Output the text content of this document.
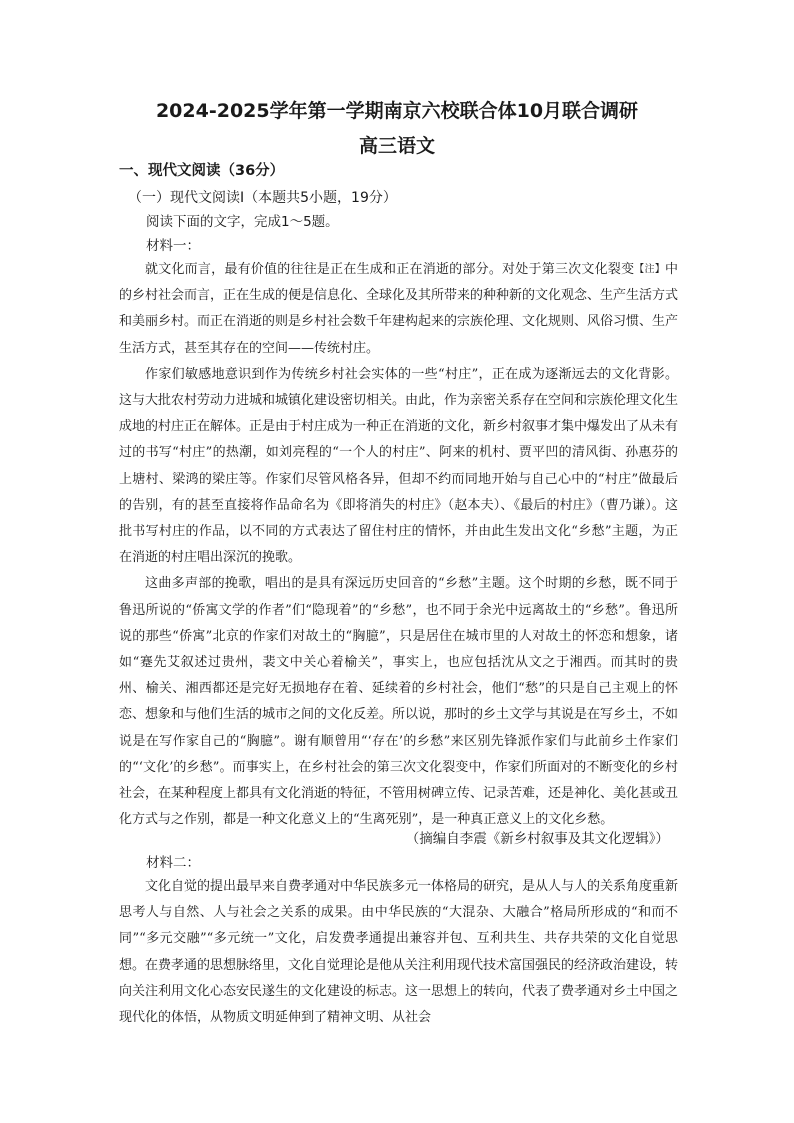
2024-2025学年第一学期南京六校联合体10月联合调研
高三语文
一、现代文阅读（36分）
（一）现代文阅读Ⅰ（本题共5小题，19分）
阅读下面的文字，完成1～5题。
材料一：

就文化而言，最有价值的往往是正在生成和正在消逝的部分。对处于第三次文化裂变【注】中的乡村社会而言，正在生成的便是信息化、全球化及其所带来的种种新的文化观念、生产生活方式和美丽乡村。而正在消逝的则是乡村社会数千年建构起来的宗族伦理、文化规则、风俗习惯、生产生活方式，甚至其存在的空间——传统村庄。

作家们敏感地意识到作为传统乡村社会实体的一些“村庄”，正在成为逐渐远去的文化背影。这与大批农村劳动力进城和城镇化建设密切相关。由此，作为亲密关系存在空间和宗族伦理文化生成地的村庄正在解体。正是由于村庄成为一种正在消逝的文化，新乡村叙事才集中爆发出了从未有过的书写“村庄”的热潮，如刘亮程的“一个人的村庄”、阿来的机村、贾平凹的清风街、孙惠芬的上塘村、梁鸿的梁庄等。作家们尽管风格各异，但却不约而同地开始与自己心中的“村庄”做最后的告别，有的甚至直接将作品命名为《即将消失的村庄》（赵本夫）、《最后的村庄》（曹乃谦）。这批书写村庄的作品，以不同的方式表达了留住村庄的情怀，并由此生发出文化“乡愁”主题，为正在消逝的村庄唱出深沉的挽歌。

这曲多声部的挽歌，唱出的是具有深远历史回音的“乡愁”主题。这个时期的乡愁，既不同于鲁迅所说的“侨寓文学的作者”们“隐现着”的“乡愁”，也不同于余光中远离故土的“乡愁”。鲁迅所说的那些“侨寓”北京的作家们对故土的“胸臆”，只是居住在城市里的人对故土的怀恋和想象，诸如“蹇先艾叙述过贵州，裴文中关心着榆关”，事实上，也应包括沈从文之于湘西。而其时的贵州、榆关、湘西都还是完好无损地存在着、延续着的乡村社会，他们“愁”的只是自己主观上的怀恋、想象和与他们生活的城市之间的文化反差。所以说，那时的乡土文学与其说是在写乡土，不如说是在写作家自己的“胸臆”。谢有顺曾用“‘存在’的乡愁”来区别先锋派作家们与此前乡土作家们的“‘文化’的乡愁”。而事实上，在乡村社会的第三次文化裂变中，作家们所面对的不断变化的乡村社会，在某种程度上都具有文化消逝的特征，不管用树碑立传、记录苦难，还是神化、美化甚或丑化方式与之作别，都是一种文化意义上的“生离死别”，是一种真正意义上的文化乡愁。

（摘编自李震《新乡村叙事及其文化逻辑》）
材料二：

文化自觉的提出最早来自费孝通对中华民族多元一体格局的研究，是从人与人的关系角度重新思考人与自然、人与社会之关系的成果。由中华民族的“大混杂、大融合”格局所形成的“和而不同”“多元交融”“多元统一”文化，启发费孝通提出兼容并包、互利共生、共存共荣的文化自觉思想。在费孝通的思想脉络里，文化自觉理论是他从关注利用现代技术富国强民的经济政治建设，转向关注利用文化心态安民遂生的文化建设的标志。这一思想上的转向，代表了费孝通对乡土中国之现代化的体悟，从物质文明延伸到了精神文明、从社会
